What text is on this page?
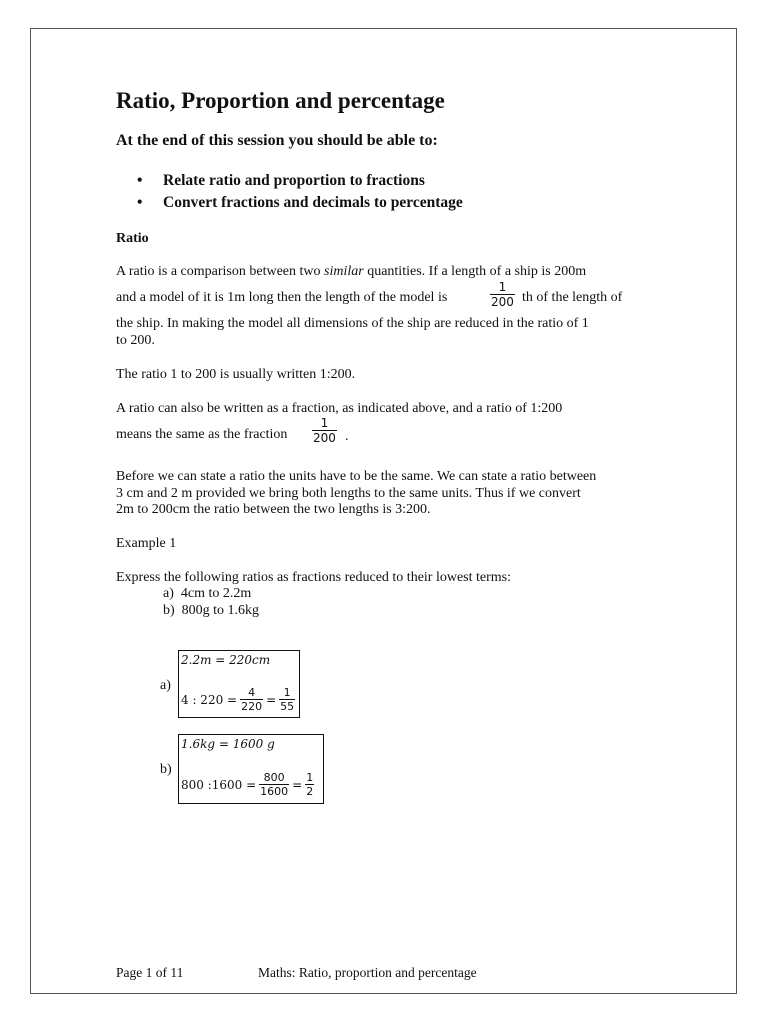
Ratio, Proportion and percentage
At the end of this session you should be able to:
• Relate ratio and proportion to fractions
• Convert fractions and decimals to percentage
Ratio
A ratio is a comparison between two similar quantities. If a length of a ship is 200m
and a model of it is 1m long then the length of the model is	$\frac{1}{200}$ th of the length of
the ship. In making the model all dimensions of the ship are reduced in the ratio of 1
to 200.
The ratio 1 to 200 is usually written 1:200.
A ratio can also be written as a fraction, as indicated above, and a ratio of 1:200
means the same as the fraction $\frac{1}{200}$ .
Before we can state a ratio the units have to be the same. We can state a ratio between
3 cm and 2 m provided we bring both lengths to the same units. Thus if we convert
2m to 200cm the ratio between the two lengths is 3:200.
Example 1
Express the following ratios as fractions reduced to their lowest terms:
a) 4cm to 2.2m
b) 800g to 1.6kg
a)
2.2m = 220cm
4 : $220 = \frac{4}{220} = \frac{1}{55}$
b)
1.6kg = 1600 g
800 :1600 = $\frac{800}{1600} = \frac{1}{2}$
Page 1 of 11	Maths: Ratio, proportion and percentage
